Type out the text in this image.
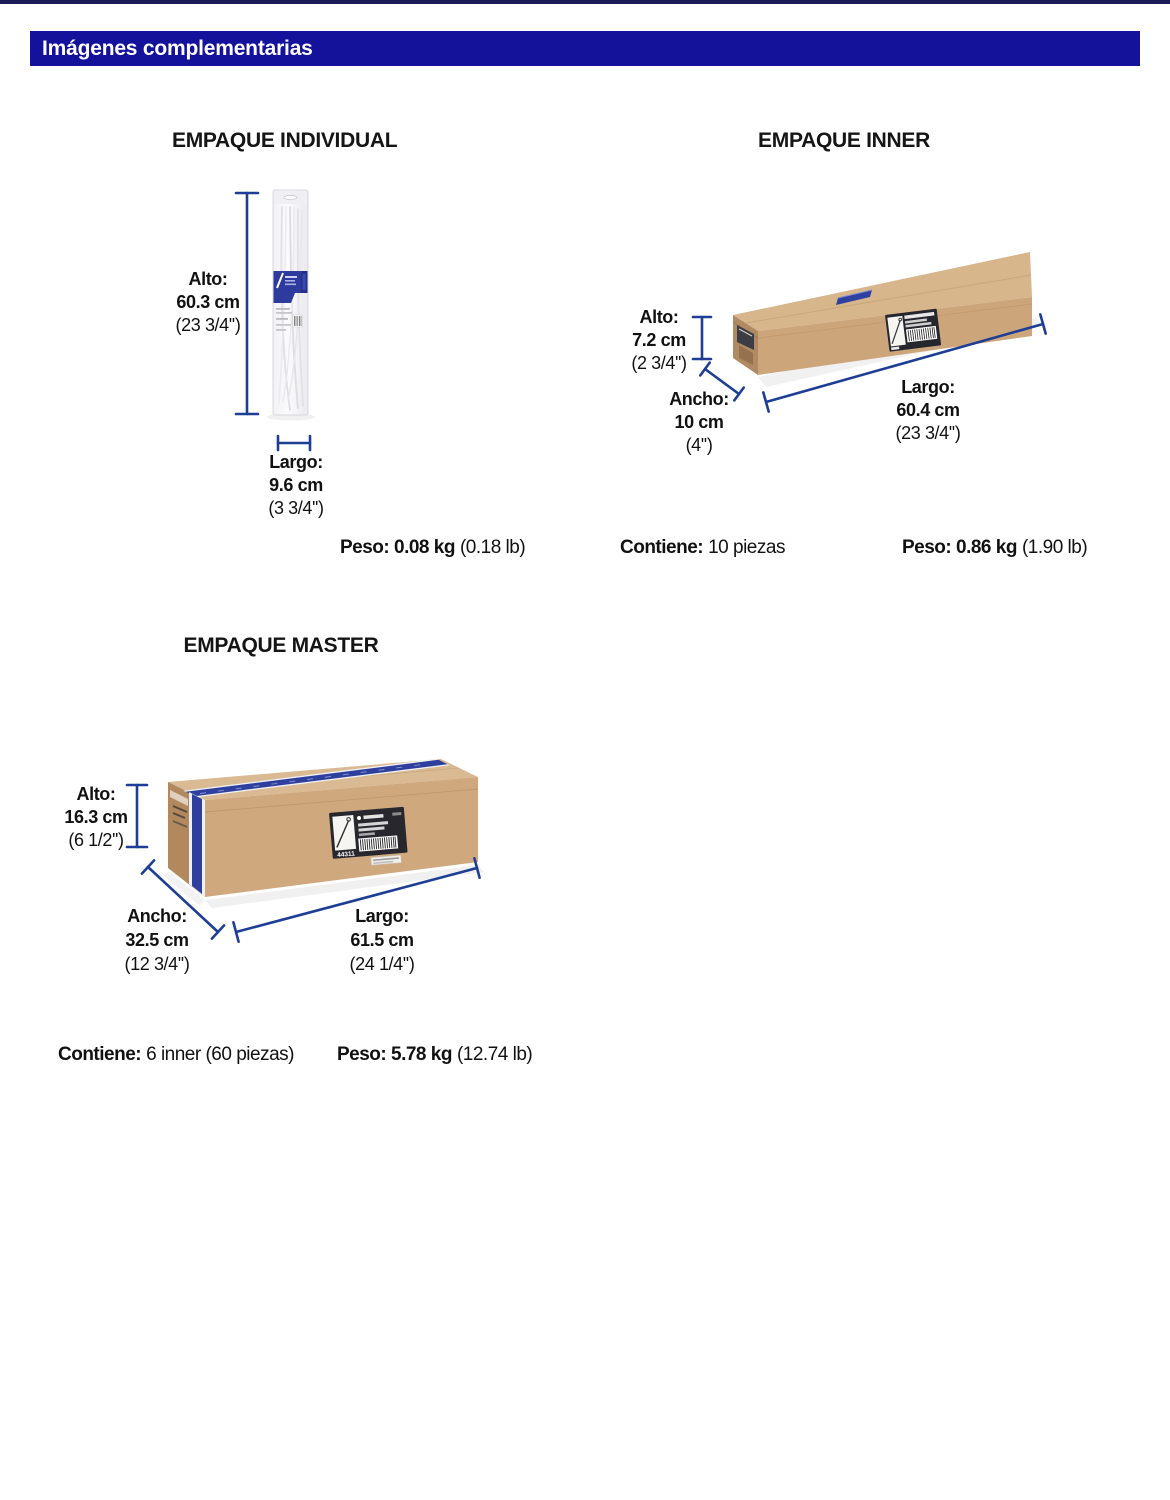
Imágenes complementarias
EMPAQUE INDIVIDUAL	EMPAQUE INNER
EMPAQUE MASTER
44311
Alto:
60.3 cm
(23 3/4'')
Largo:
9.6 cm
(3 3/4'')
Alto:
7.2 cm
(2 3/4'')
Ancho:
10 cm
(4'')
Largo:
60.4 cm
(23 3/4'')
Alto:
16.3 cm
(6 1/2'')
Ancho:
32.5 cm
(12 3/4'')
Largo:
61.5 cm
(24 1/4'')
Peso: 0.08 kg (0.18 lb)	Contiene: 10 piezas	Peso: 0.86 kg (1.90 lb)
Contiene: 6 inner (60 piezas) Peso: 5.78 kg (12.74 lb)
